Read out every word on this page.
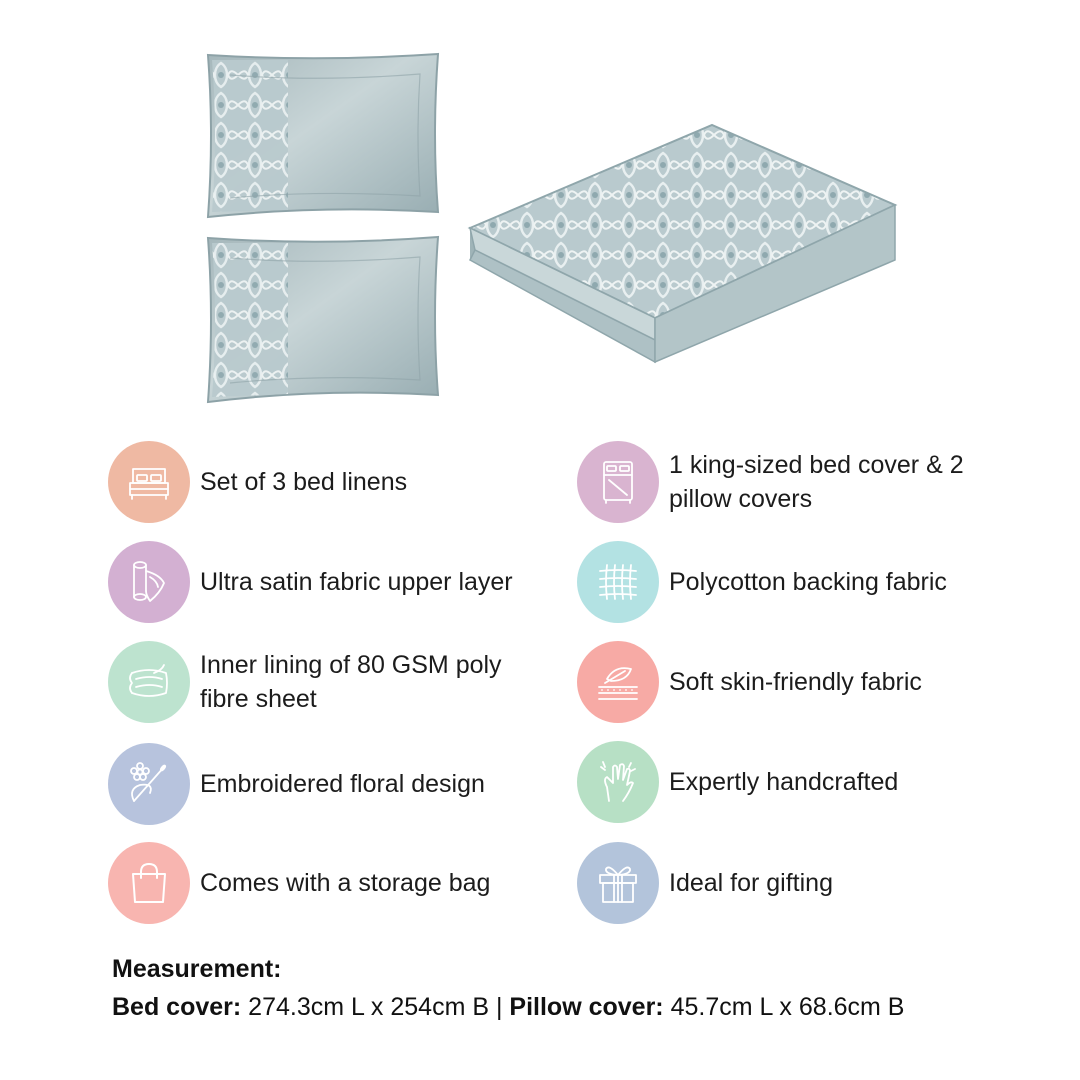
Set of 3 bed linens
1 king-sized bed cover & 2 pillow covers
Ultra satin fabric upper layer	Polycotton backing fabric
Inner lining of 80 GSM poly fibre sheet
Soft skin-friendly fabric
Embroidered floral design	Expertly handcrafted
Comes with a storage bag	Ideal for gifting
Measurement:
Bed cover: 274.3cm L x 254cm B | Pillow cover: 45.7cm L x 68.6cm B
